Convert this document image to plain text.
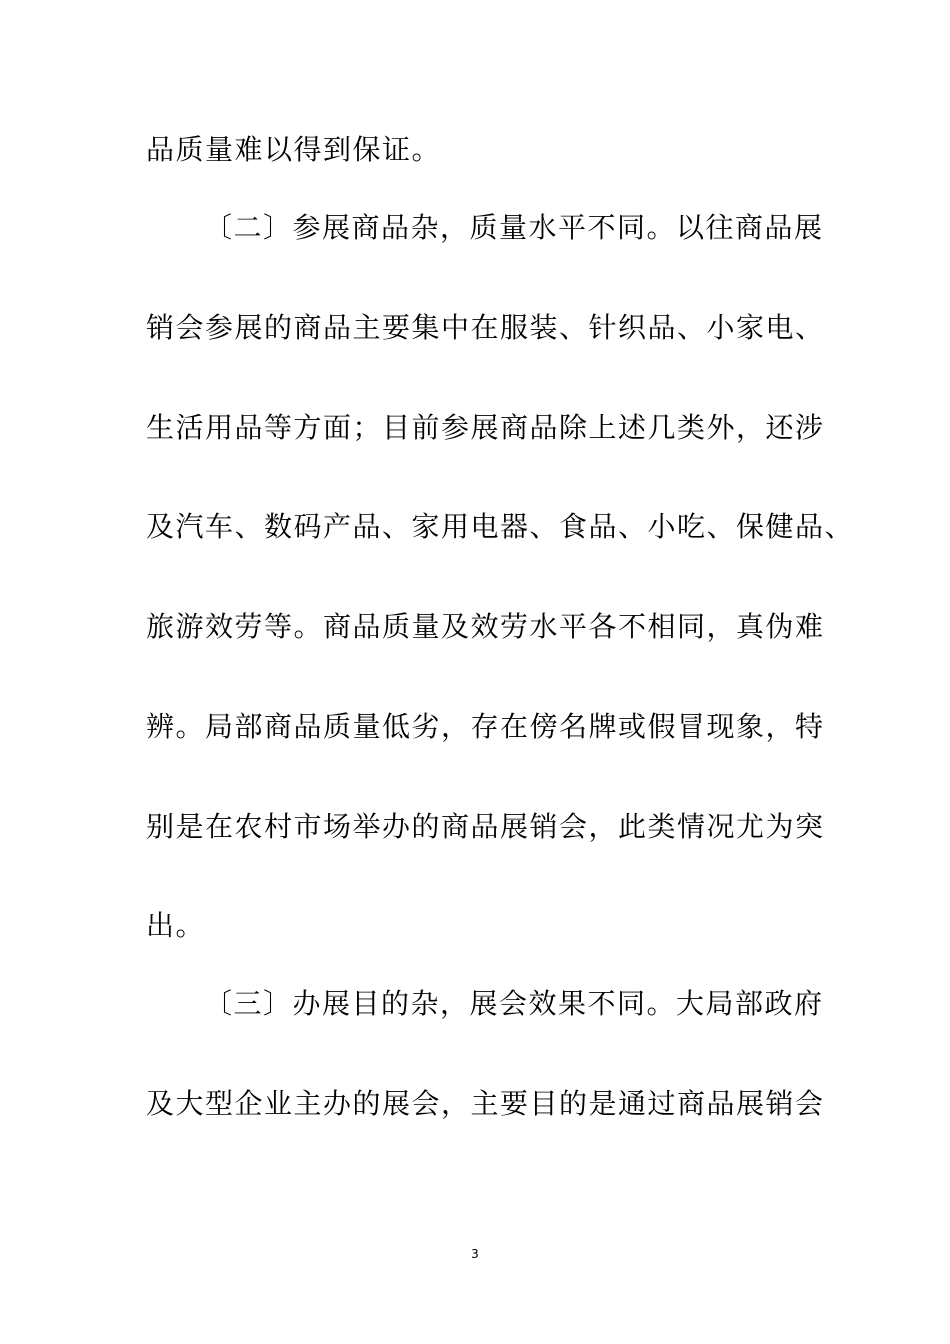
品质量难以得到保证。
〔二〕参展商品杂，质量水平不同。以往商品展
销会参展的商品主要集中在服装、针织品、小家电、
生活用品等方面；目前参展商品除上述几类外，还涉
及汽车、数码产品、家用电器、食品、小吃、保健品、
旅游效劳等。商品质量及效劳水平各不相同，真伪难
辨。局部商品质量低劣，存在傍名牌或假冒现象，特
别是在农村市场举办的商品展销会，此类情况尤为突
出。
〔三〕办展目的杂，展会效果不同。大局部政府
及大型企业主办的展会，主要目的是通过商品展销会
3
